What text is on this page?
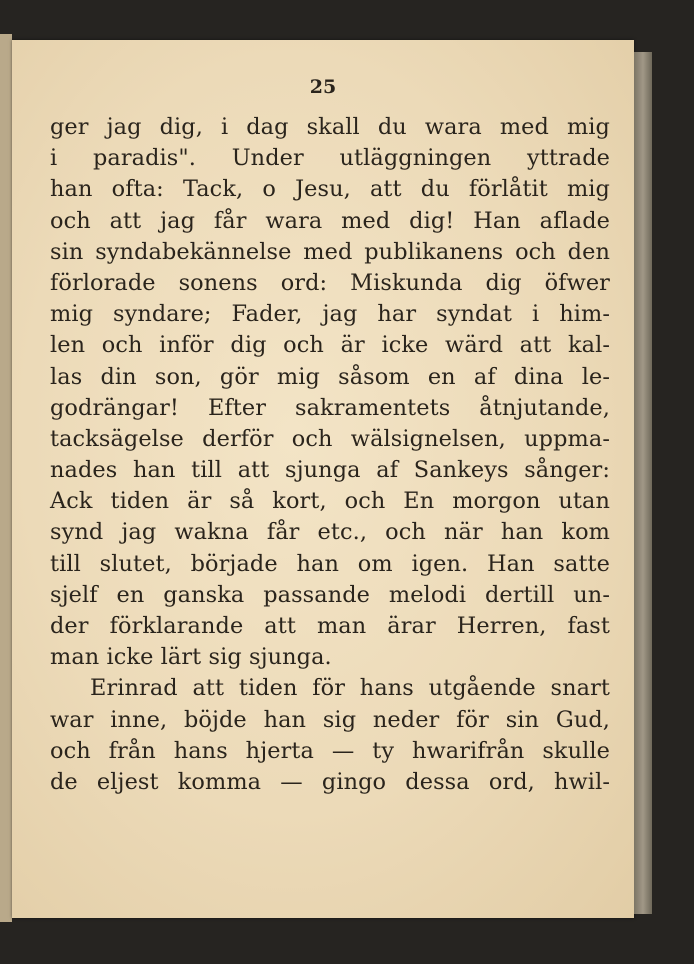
25
ger jag dig, i dag skall du wara med mig
i paradis". Under utläggningen yttrade
han ofta: Tack, o Jesu, att du förlåtit mig
och att jag får wara med dig! Han aflade
sin syndabekännelse med publikanens och den
förlorade sonens ord: Miskunda dig öfwer
mig syndare; Fader, jag har syndat i him-
len och inför dig och är icke wärd att kal-
las din son, gör mig såsom en af dina le-
godrängar! Efter sakramentets åtnjutande,
tacksägelse derför och wälsignelsen, uppma-
nades han till att sjunga af Sankeys sånger:
Ack tiden är så kort, och En morgon utan
synd jag wakna får etc., och när han kom
till slutet, började han om igen. Han satte
sjelf en ganska passande melodi dertill un-
der förklarande att man ärar Herren, fast
man icke lärt sig sjunga.
Erinrad att tiden för hans utgående snart
war inne, böjde han sig neder för sin Gud,
och från hans hjerta — ty hwarifrån skulle
de eljest komma — gingo dessa ord, hwil-
